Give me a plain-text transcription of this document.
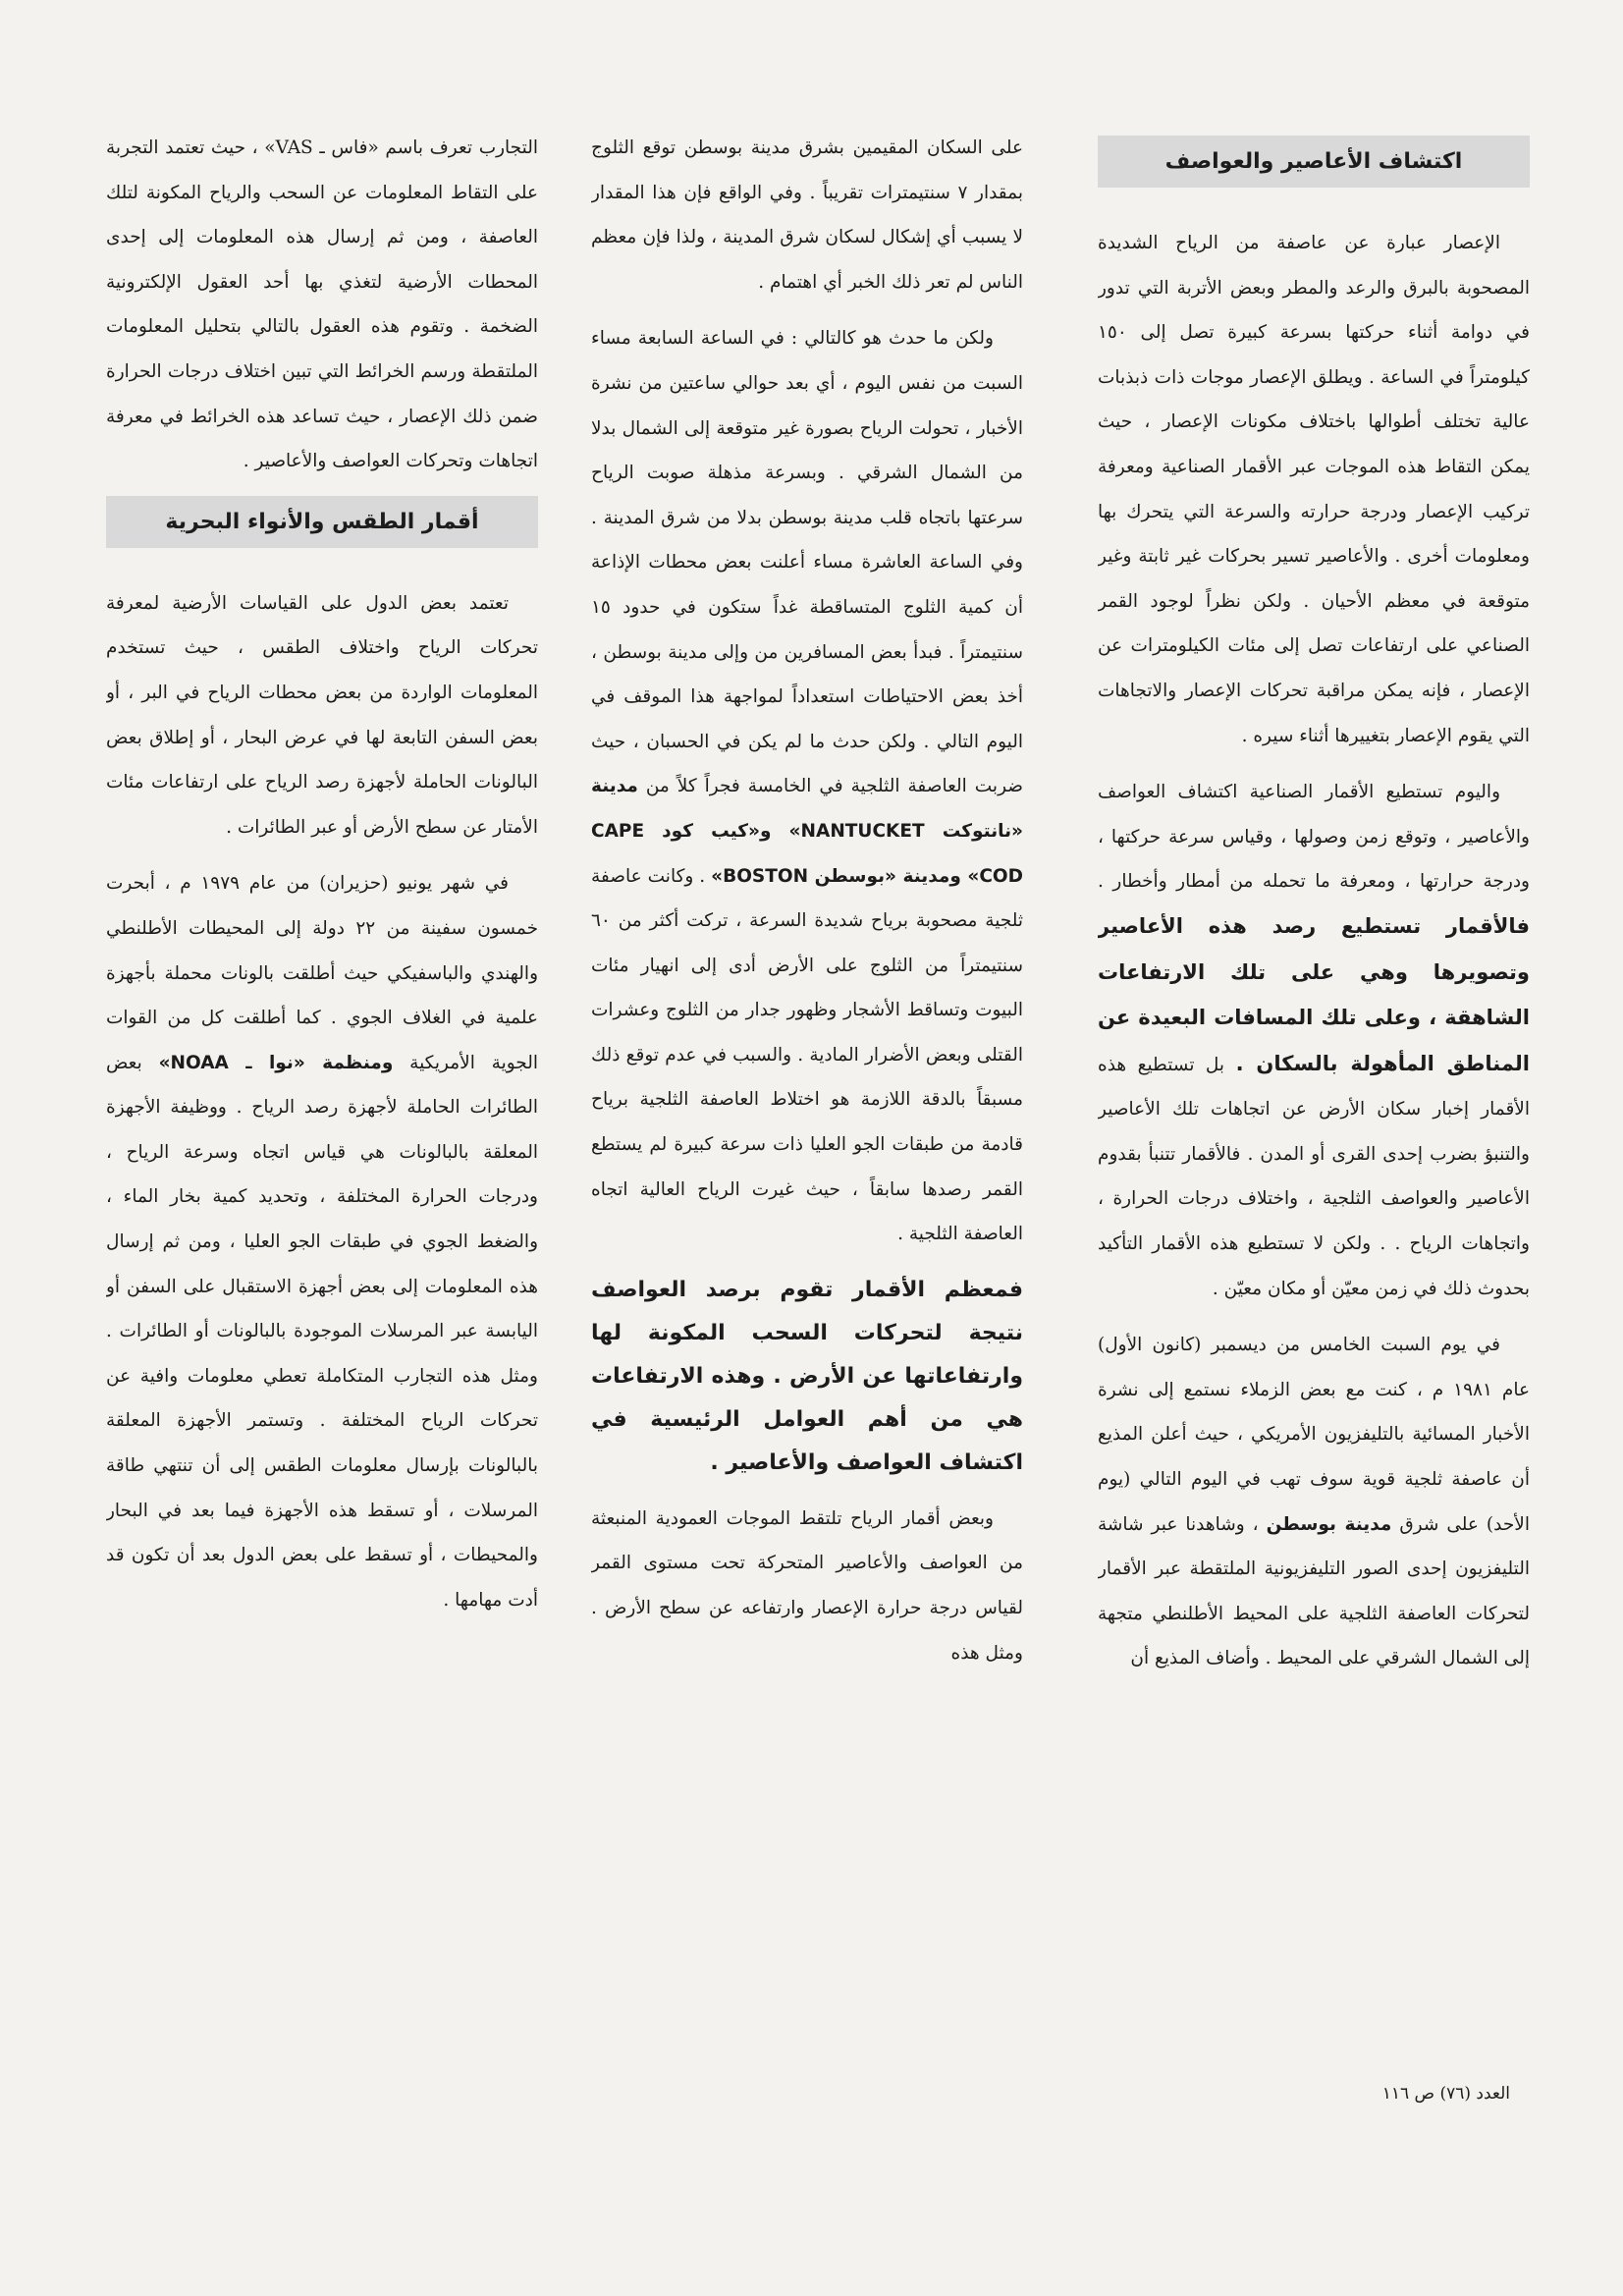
اكتشاف الأعاصير والعواصف

الإعصار عبارة عن عاصفة من الرياح الشديدة المصحوبة بالبرق والرعد والمطر وبعض الأتربة التي تدور في دوامة أثناء حركتها بسرعة كبيرة تصل إلى ١٥٠ كيلومتراً في الساعة . ويطلق الإعصار موجات ذات ذبذبات عالية تختلف أطوالها باختلاف مكونات الإعصار ، حيث يمكن التقاط هذه الموجات عبر الأقمار الصناعية ومعرفة تركيب الإعصار ودرجة حرارته والسرعة التي يتحرك بها ومعلومات أخرى . والأعاصير تسير بحركات غير ثابتة وغير متوقعة في معظم الأحيان . ولكن نظراً لوجود القمر الصناعي على ارتفاعات تصل إلى مئات الكيلومترات عن الإعصار ، فإنه يمكن مراقبة تحركات الإعصار والاتجاهات التي يقوم الإعصار بتغييرها أثناء سيره .

واليوم تستطيع الأقمار الصناعية اكتشاف العواصف والأعاصير ، وتوقع زمن وصولها ، وقياس سرعة حركتها ، ودرجة حرارتها ، ومعرفة ما تحمله من أمطار وأخطار . فالأقمار تستطيع رصد هذه الأعاصير وتصويرها وهي على تلك الارتفاعات الشاهقة ، وعلى تلك المسافات البعيدة عن المناطق المأهولة بالسكان . بل تستطيع هذه الأقمار إخبار سكان الأرض عن اتجاهات تلك الأعاصير والتنبؤ بضرب إحدى القرى أو المدن . فالأقمار تتنبأ بقدوم الأعاصير والعواصف الثلجية ، واختلاف درجات الحرارة ، واتجاهات الرياح . . ولكن لا تستطيع هذه الأقمار التأكيد بحدوث ذلك في زمن معيّن أو مكان معيّن .

في يوم السبت الخامس من ديسمبر (كانون الأول) عام ١٩٨١ م ، كنت مع بعض الزملاء نستمع إلى نشرة الأخبار المسائية بالتليفزيون الأمريكي ، حيث أعلن المذيع أن عاصفة ثلجية قوية سوف تهب في اليوم التالي (يوم الأحد) على شرق مدينة بوسطن ، وشاهدنا عبر شاشة التليفزيون إحدى الصور التليفزيونية الملتقطة عبر الأقمار لتحركات العاصفة الثلجية على المحيط الأطلنطي متجهة إلى الشمال الشرقي على المحيط . وأضاف المذيع أن

على السكان المقيمين بشرق مدينة بوسطن توقع الثلوج بمقدار ٧ سنتيمترات تقريباً . وفي الواقع فإن هذا المقدار لا يسبب أي إشكال لسكان شرق المدينة ، ولذا فإن معظم الناس لم تعر ذلك الخبر أي اهتمام .

ولكن ما حدث هو كالتالي : في الساعة السابعة مساء السبت من نفس اليوم ، أي بعد حوالي ساعتين من نشرة الأخبار ، تحولت الرياح بصورة غير متوقعة إلى الشمال بدلا من الشمال الشرقي . وبسرعة مذهلة صوبت الرياح سرعتها باتجاه قلب مدينة بوسطن بدلا من شرق المدينة . وفي الساعة العاشرة مساء أعلنت بعض محطات الإذاعة أن كمية الثلوج المتساقطة غداً ستكون في حدود ١٥ سنتيمتراً . فبدأ بعض المسافرين من وإلى مدينة بوسطن ، أخذ بعض الاحتياطات استعداداً لمواجهة هذا الموقف في اليوم التالي . ولكن حدث ما لم يكن في الحسبان ، حيث ضربت العاصفة الثلجية في الخامسة فجراً كلاً من مدينة «نانتوكت NANTUCKET» و«كيب كود CAPE COD» ومدينة «بوسطن BOSTON» . وكانت عاصفة ثلجية مصحوبة برياح شديدة السرعة ، تركت أكثر من ٦٠ سنتيمتراً من الثلوج على الأرض أدى إلى انهيار مئات البيوت وتساقط الأشجار وظهور جدار من الثلوج وعشرات القتلى وبعض الأضرار المادية . والسبب في عدم توقع ذلك مسبقاً بالدقة اللازمة هو اختلاط العاصفة الثلجية برياح قادمة من طبقات الجو العليا ذات سرعة كبيرة لم يستطع القمر رصدها سابقاً ، حيث غيرت الرياح العالية اتجاه العاصفة الثلجية .

فمعظم الأقمار تقوم برصد العواصف نتيجة لتحركات السحب المكونة لها وارتفاعاتها عن الأرض . وهذه الارتفاعات هي من أهم العوامل الرئيسية في اكتشاف العواصف والأعاصير .

وبعض أقمار الرياح تلتقط الموجات العمودية المنبعثة من العواصف والأعاصير المتحركة تحت مستوى القمر لقياس درجة حرارة الإعصار وارتفاعه عن سطح الأرض . ومثل هذه

التجارب تعرف باسم «فاس ـ VAS» ، حيث تعتمد التجربة على التقاط المعلومات عن السحب والرياح المكونة لتلك العاصفة ، ومن ثم إرسال هذه المعلومات إلى إحدى المحطات الأرضية لتغذي بها أحد العقول الإلكترونية الضخمة . وتقوم هذه العقول بالتالي بتحليل المعلومات الملتقطة ورسم الخرائط التي تبين اختلاف درجات الحرارة ضمن ذلك الإعصار ، حيث تساعد هذه الخرائط في معرفة اتجاهات وتحركات العواصف والأعاصير .

أقمار الطقس والأنواء البحرية

تعتمد بعض الدول على القياسات الأرضية لمعرفة تحركات الرياح واختلاف الطقس ، حيث تستخدم المعلومات الواردة من بعض محطات الرياح في البر ، أو بعض السفن التابعة لها في عرض البحار ، أو إطلاق بعض البالونات الحاملة لأجهزة رصد الرياح على ارتفاعات مئات الأمتار عن سطح الأرض أو عبر الطائرات .

في شهر يونيو (حزيران) من عام ١٩٧٩ م ، أبحرت خمسون سفينة من ٢٢ دولة إلى المحيطات الأطلنطي والهندي والباسفيكي حيث أطلقت بالونات محملة بأجهزة علمية في الغلاف الجوي . كما أطلقت كل من القوات الجوية الأمريكية ومنظمة «نوا ـ NOAA» بعض الطائرات الحاملة لأجهزة رصد الرياح . ووظيفة الأجهزة المعلقة بالبالونات هي قياس اتجاه وسرعة الرياح ، ودرجات الحرارة المختلفة ، وتحديد كمية بخار الماء ، والضغط الجوي في طبقات الجو العليا ، ومن ثم إرسال هذه المعلومات إلى بعض أجهزة الاستقبال على السفن أو اليابسة عبر المرسلات الموجودة بالبالونات أو الطائرات . ومثل هذه التجارب المتكاملة تعطي معلومات وافية عن تحركات الرياح المختلفة . وتستمر الأجهزة المعلقة بالبالونات بإرسال معلومات الطقس إلى أن تنتهي طاقة المرسلات ، أو تسقط هذه الأجهزة فيما بعد في البحار والمحيطات ، أو تسقط على بعض الدول بعد أن تكون قد أدت مهامها .

العدد (٧٦) ص ١١٦
